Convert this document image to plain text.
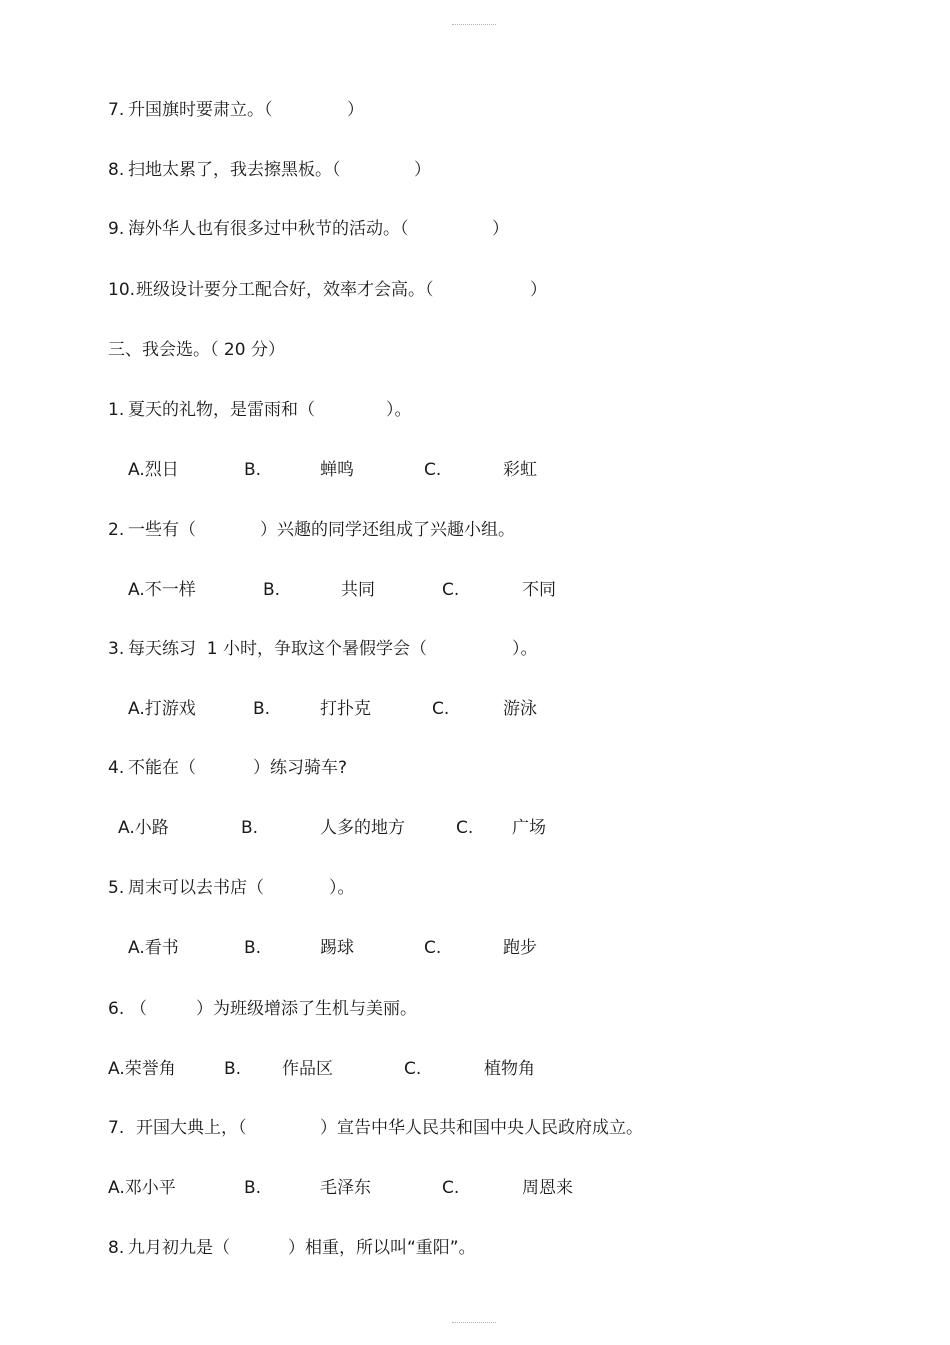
7.

升国旗时要肃立。（

	）

8.

扫地太累了，我去擦黑板。（

	）

9.

海外华人也有很多过中秋节的活动。（

	）

10.

班级设计要分工配合好，效率才会高。（

	）

三、我会选。（ 20 分）

1.

夏天的礼物，是雷雨和（

	）。

A.烈日

	B.

	蝉鸣

	C.

	彩虹

2.

一些有（

	）兴趣的同学还组成了兴趣小组。

A.不一样

	B.

	共同

	C.

	不同

3.

每天练习  1 小时，争取这个暑假学会（

	）。

A.打游戏

	B.

	打扑克

	C.

	游泳

4.

不能在（

	）练习骑车?

A.小路

	B.

	人多的地方

	C.

广场

5.

周末可以去书店（

	）。

A.看书

	B.

	踢球

	C.

	跑步

6.

（

	）为班级增添了生机与美丽。

A.荣誉角

	B.

作品区

	C.

	植物角

7.

开国大典上，（

	）宣告中华人民共和国中央人民政府成立。

A.邓小平

	B.

	毛泽东

	C.

	周恩来

8.

九月初九是（

	）相重，所以叫“重阳”。
